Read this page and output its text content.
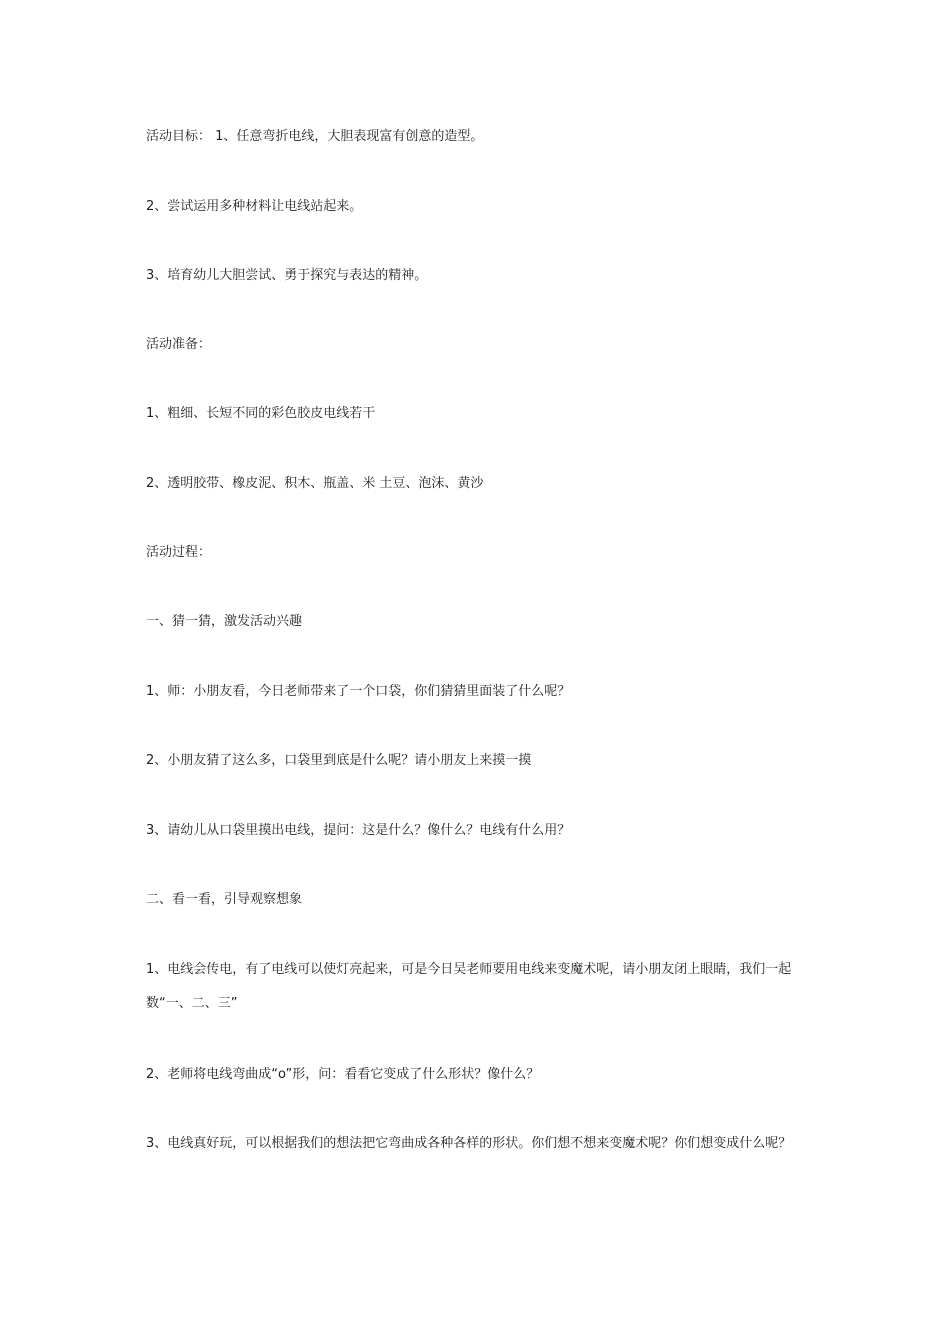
活动目标： 1、任意弯折电线，大胆表现富有创意的造型。
2、尝试运用多种材料让电线站起来。
3、培育幼儿大胆尝试、勇于探究与表达的精神。
活动准备：
1、粗细、长短不同的彩色胶皮电线若干
2、透明胶带、橡皮泥、积木、瓶盖、米 土豆、泡沫、黄沙
活动过程：
一、猜一猜，激发活动兴趣
1、师：小朋友看，今日老师带来了一个口袋，你们猜猜里面装了什么呢？
2、小朋友猜了这么多，口袋里到底是什么呢？请小朋友上来摸一摸
3、请幼儿从口袋里摸出电线，提问：这是什么？像什么？电线有什么用？
二、看一看，引导观察想象
1、电线会传电，有了电线可以使灯亮起来，可是今日吴老师要用电线来变魔术呢，请小朋友闭上眼睛，我们一起数“一、二、三”
2、老师将电线弯曲成“o”形，问：看看它变成了什么形状？像什么？
3、电线真好玩，可以根据我们的想法把它弯曲成各种各样的形状。你们想不想来变魔术呢？你们想变成什么呢？
